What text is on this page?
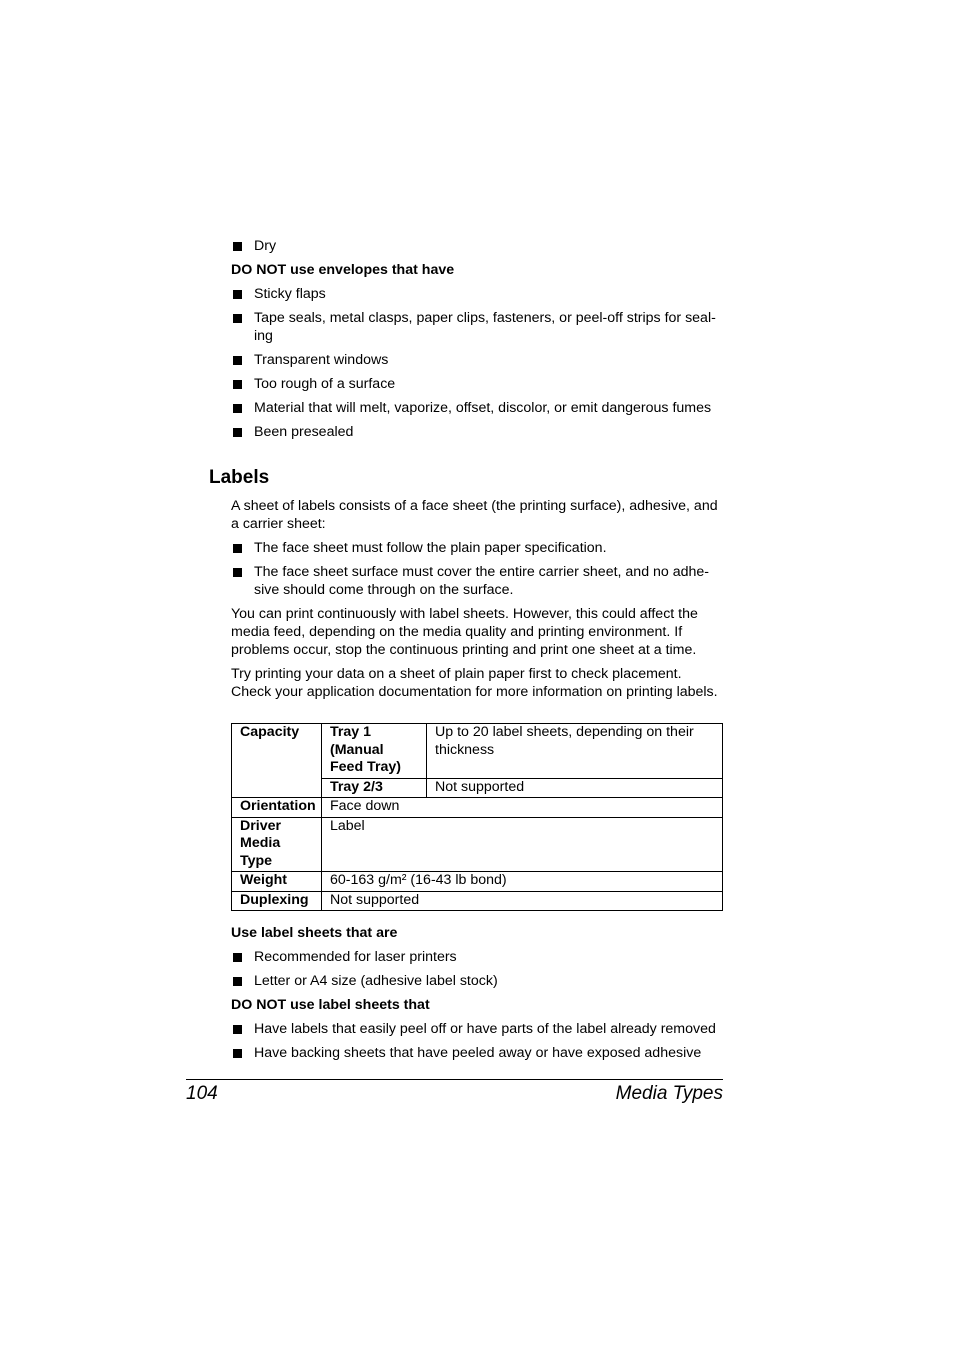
Dry
DO NOT use envelopes that have
Sticky flaps
Tape seals, metal clasps, paper clips, fasteners, or peel-off strips for seal-ing
Transparent windows
Too rough of a surface
Material that will melt, vaporize, offset, discolor, or emit dangerous fumes
Been presealed

A sheet of labels consists of a face sheet (the printing surface), adhesive, and a carrier sheet:

The face sheet must follow the plain paper specification.
The face sheet surface must cover the entire carrier sheet, and no adhe-sive should come through on the surface.

You can print continuously with label sheets. However, this could affect the media feed, depending on the media quality and printing environment. If problems occur, stop the continuous printing and print one sheet at a time.

Try printing your data on a sheet of plain paper first to check placement. Check your application documentation for more information on printing labels.

Capacity	Tray 1 (Manual Feed Tray)	Up to 20 label sheets, depending on their thickness
	Tray 2/3	Not supported
Orientation	Face down	
Driver Media Type	Label	
Weight	60-163 g/m² (16-43 lb bond)	
Duplexing	Not supported	
Use label sheets that are
Recommended for laser printers
Letter or A4 size (adhesive label stock)
DO NOT use label sheets that
Have labels that easily peel off or have parts of the label already removed
Have backing sheets that have peeled away or have exposed adhesive
Labels
104	Media Types
